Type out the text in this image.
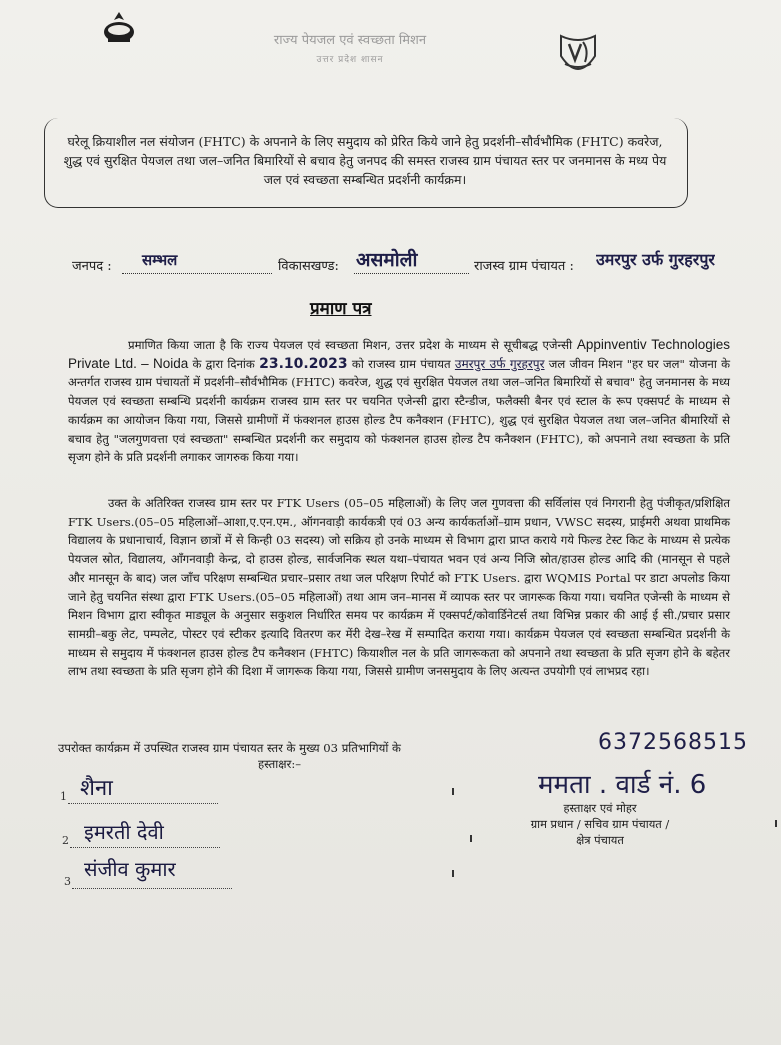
राज्य पेयजल एवं स्वच्छता मिशन
उत्तर प्रदेश शासन
घरेलू क्रियाशील नल संयोजन (FHTC) के अपनाने के लिए समुदाय को प्रेरित किये जाने हेतु प्रदर्शनी–सौर्वभौमिक (FHTC) कवरेज, शुद्ध एवं सुरक्षित पेयजल तथा जल–जनित बिमारियों से बचाव हेतु जनपद की समस्त राजस्व ग्राम पंचायत स्तर पर जनमानस के मध्य पेय जल एवं स्वच्छता सम्बन्धित प्रदर्शनी कार्यक्रम।
जनपद : सम्भल	विकासखण्ड: असमोली	राजस्व ग्राम पंचायत : उमरपुर उर्फ गुरहरपुर
प्रमाण पत्र

प्रमाणित किया जाता है कि राज्य पेयजल एवं स्वच्छता मिशन, उत्तर प्रदेश के माध्यम से सूचीबद्ध एजेन्सी Appinventiv Technologies Private Ltd. – Noida के द्वारा दिनांक 23.10.2023 को राजस्व ग्राम पंचायत उमरपुर उर्फ गुरहरपुर जल जीवन मिशन "हर घर जल" योजना के अन्तर्गत राजस्व ग्राम पंचायतों में प्रदर्शनी–सौर्वभौमिक (FHTC) कवरेज, शुद्ध एवं सुरक्षित पेयजल तथा जल–जनित बिमारियों से बचाव" हेतु जनमानस के मध्य पेयजल एवं स्वच्छता सम्बन्धि प्रदर्शनी कार्यक्रम राजस्व ग्राम स्तर पर चयनित एजेन्सी द्वारा स्टैन्डीज, फलैक्सी बैनर एवं स्टाल के रूप एक्सपर्ट के माध्यम से कार्यक्रम का आयोजन किया गया, जिससे ग्रामीणों में फंक्शनल हाउस होल्ड टैप कनैक्शन (FHTC), शुद्ध एवं सुरक्षित पेयजल तथा जल–जनित बीमारियों से बचाव हेतु "जलगुणवत्ता एवं स्वच्छता" सम्बन्धित प्रदर्शनी कर समुदाय को फंक्शनल हाउस होल्ड टैप कनैक्शन (FHTC), को अपनाने तथा स्वच्छता के प्रति सृजग होने के प्रति प्रदर्शनी लगाकर जागरुक किया गया।

उक्त के अतिरिक्त राजस्व ग्राम स्तर पर FTK Users (05–05 महिलाओं) के लिए जल गुणवत्ता की सर्विलांस एवं निगरानी हेतु पंजीकृत/प्रशिक्षित FTK Users.(05–05 महिलाओं–आशा,ए.एन.एम., ऑगनवाड़ी कार्यकत्री एवं 03 अन्य कार्यकर्ताओं–ग्राम प्रधान, VWSC सदस्य, प्राईमरी अथवा प्राथमिक विद्यालय के प्रधानाचार्य, विज्ञान छात्रों में से किन्ही 03 सदस्य) जो सक्रिय हो उनके माध्यम से विभाग द्वारा प्राप्त कराये गये फिल्ड टेस्ट किट के माध्यम से प्रत्येक पेयजल स्रोत, विद्यालय, आँगनवाड़ी केन्द्र, दो हाउस होल्ड, सार्वजनिक स्थल यथा–पंचायत भवन एवं अन्य निजि स्रोत/हाउस होल्ड आदि की (मानसून से पहले और मानसून के बाद) जल जाँच परिक्षण सम्बन्धित प्रचार–प्रसार तथा जल परिक्षण रिपोर्ट को FTK Users. द्वारा WQMIS Portal पर डाटा अपलोड किया जाने हेतु चयनित संस्था द्वारा FTK Users.(05–05 महिलाओं) तथा आम जन–मानस में व्यापक स्तर पर जागरूक किया गया। चयनित एजेन्सी के माध्यम से मिशन विभाग द्वारा स्वीकृत माड्यूल के अनुसार सकुशल निर्धारित समय पर कार्यक्रम में एक्सपर्ट/कोवार्डिनेटर्स तथा विभिन्न प्रकार की आई ई सी./प्रचार प्रसार सामग्री–बकु लेट, पम्पलेट, पोस्टर एवं स्टीकर इत्यादि वितरण कर मेंरी देख–रेख में सम्पादित कराया गया। कार्यक्रम पेयजल एवं स्वच्छता सम्बन्धित प्रदर्शनी के माध्यम से समुदाय में फंक्शनल हाउस होल्ड टैप कनैक्शन (FHTC) कियाशील नल के प्रति जागरूकता को अपनाने तथा स्वच्छता के प्रति सृजग होने के बहेतर लाभ तथा स्वच्छता के प्रति सृजग होने की दिशा में जागरूक किया गया, जिससे ग्रामीण जनसमुदाय के लिए अत्यन्त उपयोगी एवं लाभप्रद रहा।

उपरोक्त कार्यक्रम में उपस्थित राजस्व ग्राम पंचायत स्तर के मुख्य 03 प्रतिभागियों के
हस्ताक्षर:–
1 शैना
2 इमरती देवी
3
संजीव कुमार
6372568515
ममता . वार्ड नं. 6
हस्ताक्षर एवं मोहर
ग्राम प्रधान / सचिव ग्राम पंचायत /
क्षेत्र पंचायत
